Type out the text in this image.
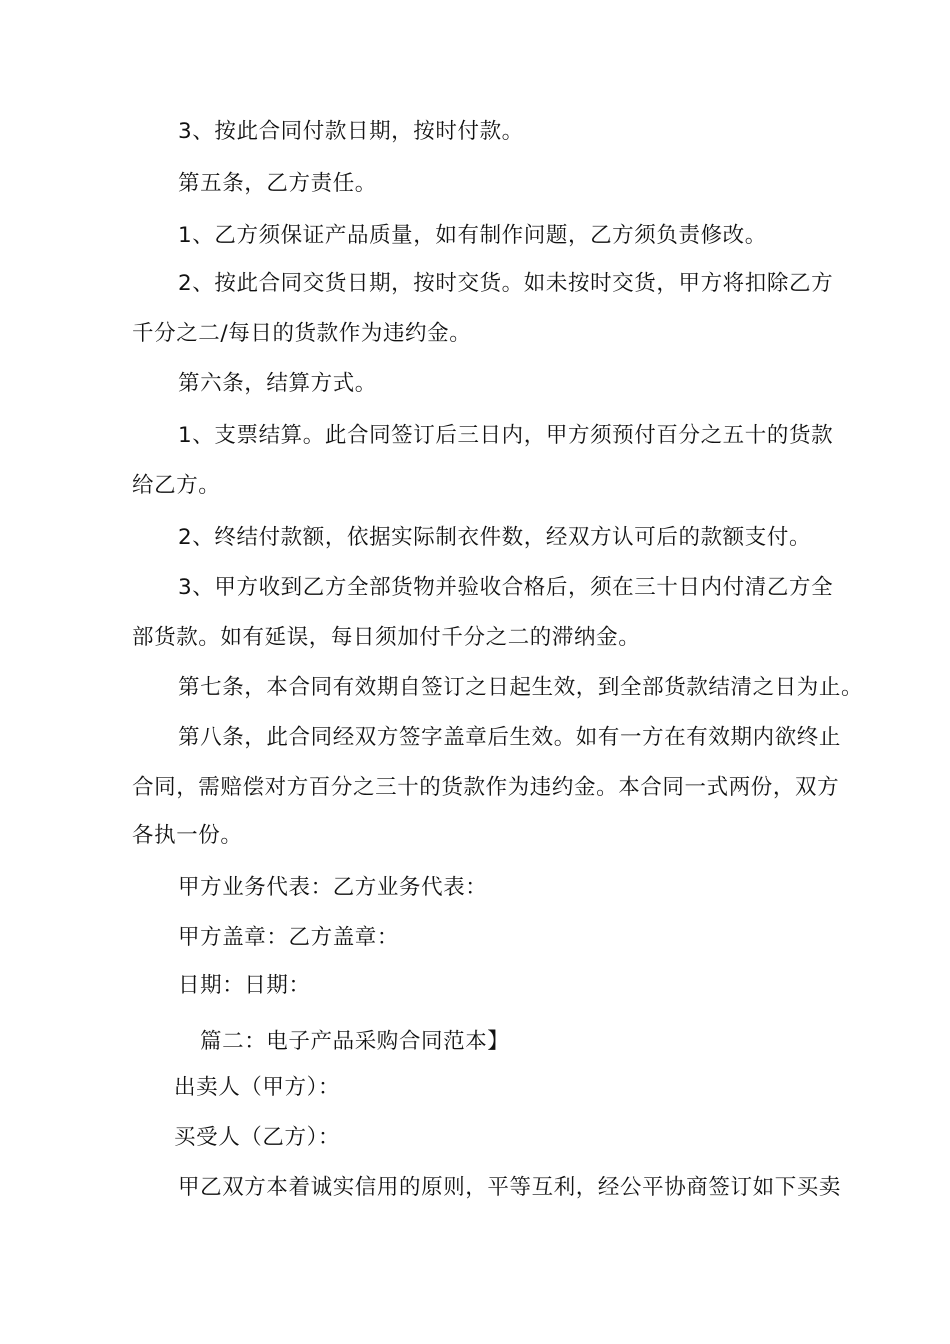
3、按此合同付款日期，按时付款。
第五条，乙方责任。
1、乙方须保证产品质量，如有制作问题，乙方须负责修改。
2、按此合同交货日期，按时交货。如未按时交货，甲方将扣除乙方
千分之二/每日的货款作为违约金。
第六条，结算方式。
1、支票结算。此合同签订后三日内，甲方须预付百分之五十的货款
给乙方。
2、终结付款额，依据实际制衣件数，经双方认可后的款额支付。
3、甲方收到乙方全部货物并验收合格后，须在三十日内付清乙方全
部货款。如有延误，每日须加付千分之二的滞纳金。
第七条，本合同有效期自签订之日起生效，到全部货款结清之日为止。
第八条，此合同经双方签字盖章后生效。如有一方在有效期内欲终止
合同，需赔偿对方百分之三十的货款作为违约金。本合同一式两份，双方
各执一份。
甲方业务代表：乙方业务代表：
甲方盖章：乙方盖章：
日期：日期：
篇二：电子产品采购合同范本】
出卖人（甲方）：
买受人（乙方）：
甲乙双方本着诚实信用的原则，平等互利，经公平协商签订如下买卖
